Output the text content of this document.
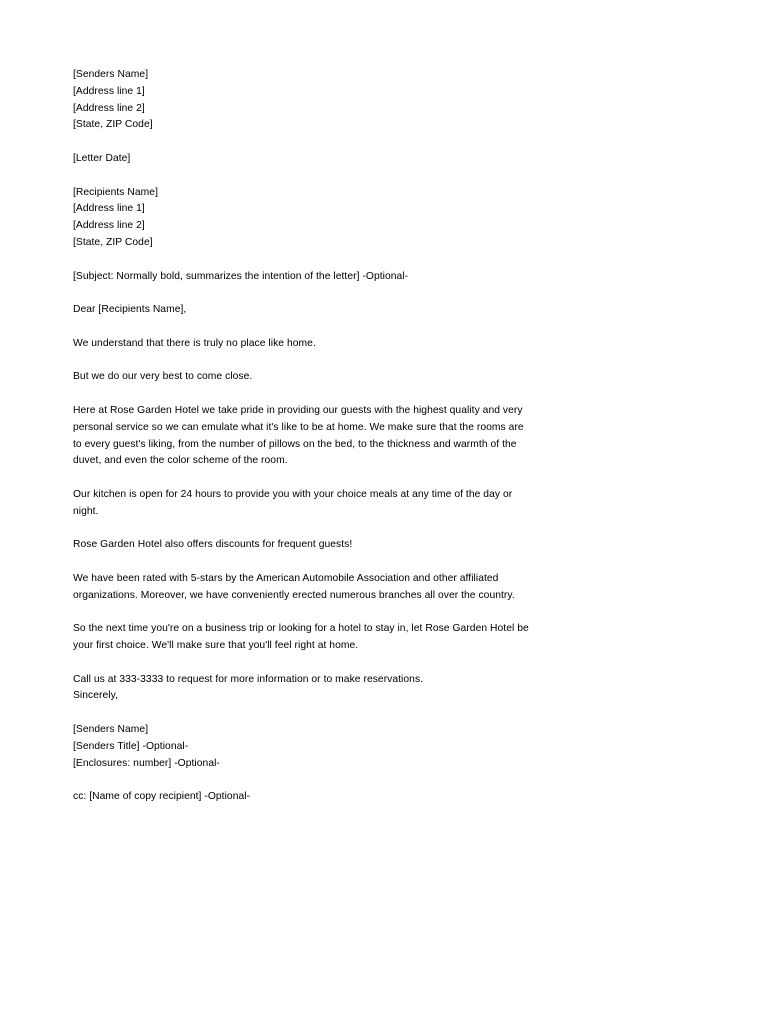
[Senders Name]
[Address line 1]
[Address line 2]
[State, ZIP Code]
[Letter Date]
[Recipients Name]
[Address line 1]
[Address line 2]
[State, ZIP Code]
[Subject: Normally bold, summarizes the intention of the letter] -Optional-
Dear [Recipients Name],
We understand that there is truly no place like home.
But we do our very best to come close.
Here at Rose Garden Hotel we take pride in providing our guests with the highest quality and very
personal service so we can emulate what it's like to be at home. We make sure that the rooms are
to every guest's liking, from the number of pillows on the bed, to the thickness and warmth of the
duvet, and even the color scheme of the room.
Our kitchen is open for 24 hours to provide you with your choice meals at any time of the day or
night.
Rose Garden Hotel also offers discounts for frequent guests!
We have been rated with 5-stars by the American Automobile Association and other affiliated
organizations. Moreover, we have conveniently erected numerous branches all over the country.
So the next time you're on a business trip or looking for a hotel to stay in, let Rose Garden Hotel be
your first choice. We'll make sure that you'll feel right at home.
Call us at 333-3333 to request for more information or to make reservations.
Sincerely,
[Senders Name]
[Senders Title] -Optional-
[Enclosures: number] -Optional-
cc: [Name of copy recipient] -Optional-
